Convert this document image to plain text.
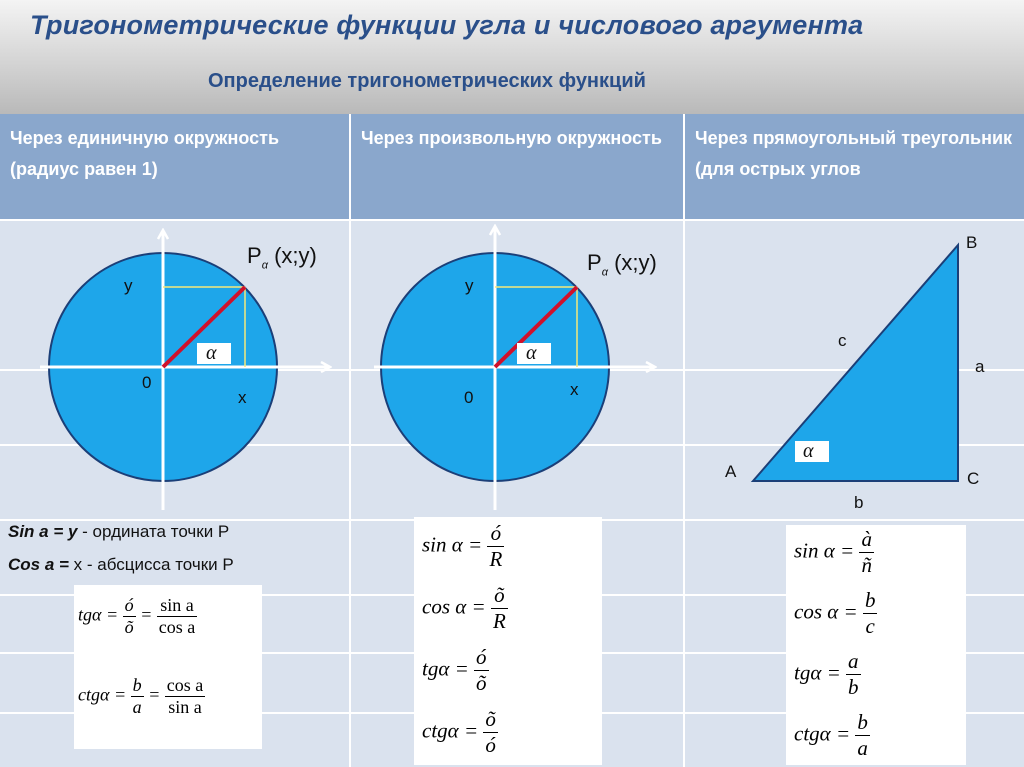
Тригонометрические функции угла и числового аргумента
Определение тригонометрических функций
Через единичную окружность (радиус равен 1)
Через произвольную окружность	Через прямоугольный треугольник (для острых углов
$P_\alpha$ (x;y)
y
x
0
α
$P_\alpha$ (x;y)
y
x
0
α
B
A	C
c
a
b
α
Sin a = y - ордината точки P
Cos a = x - абсцисса точки P
$tg\alpha = \frac{ó}{õ} = \frac{\text{sin a}}{\text{cos a}}$
$ctg\alpha = \frac{b}{a} = \frac{\text{cos a}}{\text{sin a}}$
$\sin \alpha = \frac{ó}{R}$
$\cos \alpha = \frac{õ}{R}$
$tg\alpha = \frac{ó}{õ}$
$ctg\alpha = \frac{õ}{ó}$
$\sin \alpha = \frac{à}{ñ}$
$\cos \alpha = \frac{b}{c}$
$tg\alpha = \frac{a}{b}$
$ctg\alpha = \frac{b}{a}$
